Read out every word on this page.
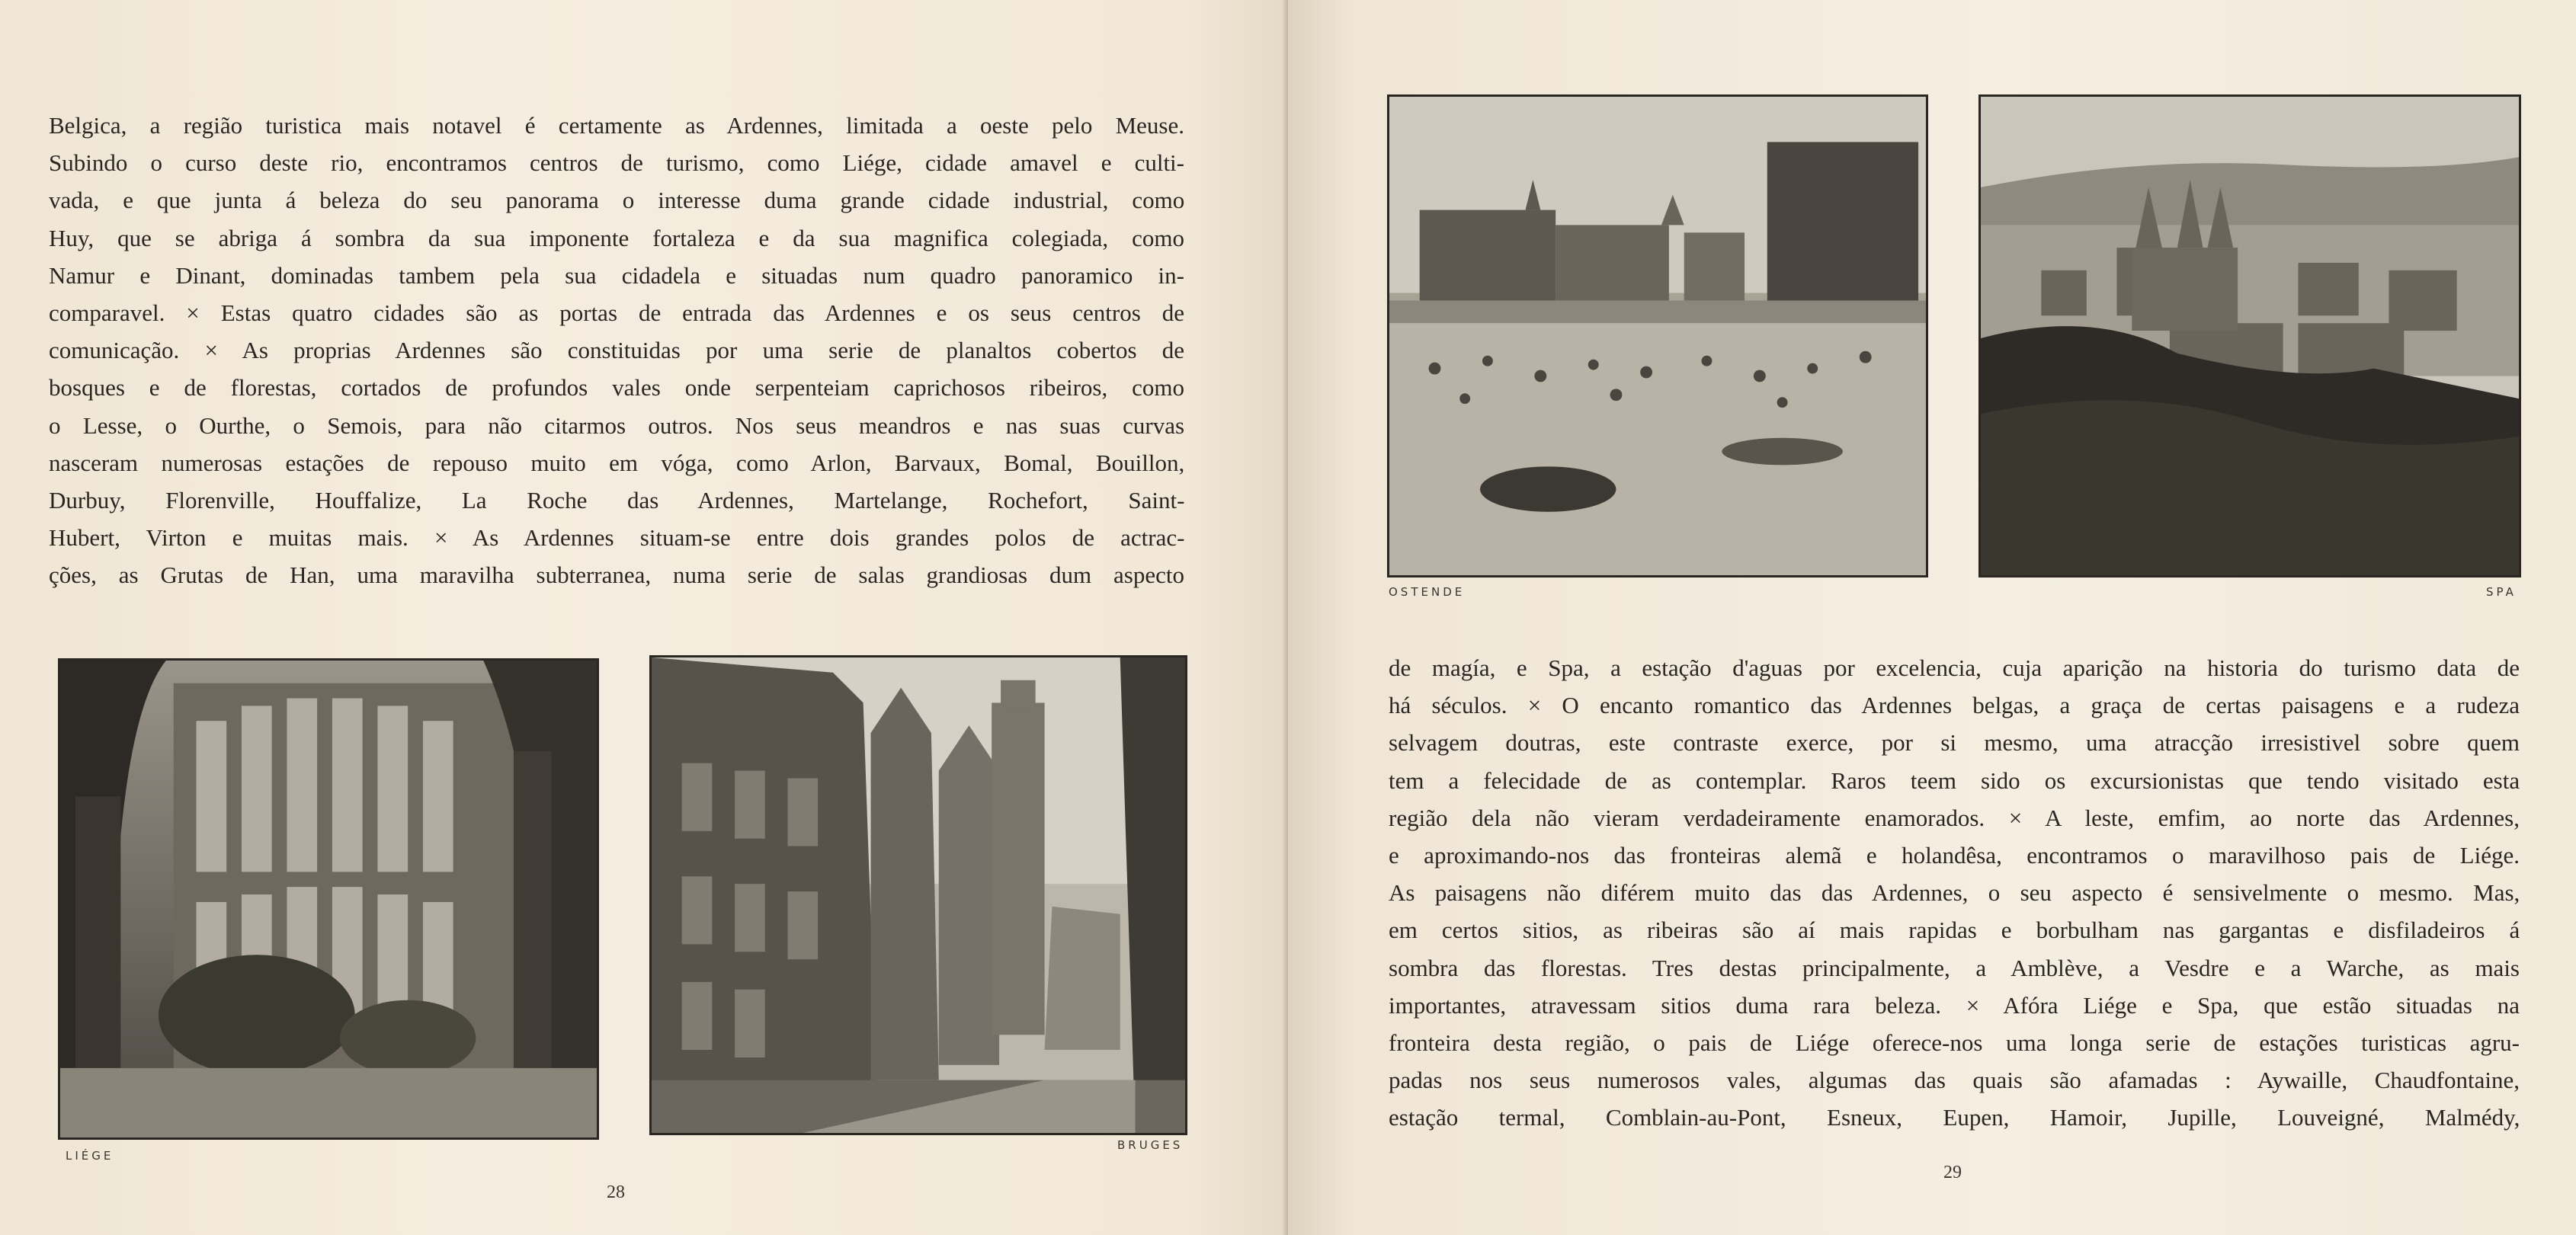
Belgica, a região turistica mais notavel é certamente as Ardennes, limitada a oeste pelo Meuse.
Subindo o curso deste rio, encontramos centros de turismo, como Liége, cidade amavel e culti-
vada, e que junta á beleza do seu panorama o interesse duma grande cidade industrial, como
Huy, que se abriga á sombra da sua imponente fortaleza e da sua magnifica colegiada, como
Namur e Dinant, dominadas tambem pela sua cidadela e situadas num quadro panoramico in-
comparavel. × Estas quatro cidades são as portas de entrada das Ardennes e os seus centros de
comunicação. × As proprias Ardennes são constituidas por uma serie de planaltos cobertos de
bosques e de florestas, cortados de profundos vales onde serpenteiam caprichosos ribeiros, como
o Lesse, o Ourthe, o Semois, para não citarmos outros. Nos seus meandros e nas suas curvas
nasceram numerosas estações de repouso muito em vóga, como Arlon, Barvaux, Bomal, Bouillon,
Durbuy, Florenville, Houffalize, La Roche das Ardennes, Martelange, Rochefort, Saint-
Hubert, Virton e muitas mais. × As Ardennes situam-se entre dois grandes polos de actrac-
ções, as Grutas de Han, uma maravilha subterranea, numa serie de salas grandiosas dum aspecto
LIÉGE
BRUGES
28
OSTENDE	SPA
de magía, e Spa, a estação d'aguas por excelencia, cuja aparição na historia do turismo data de
há séculos. × O encanto romantico das Ardennes belgas, a graça de certas paisagens e a rudeza
selvagem doutras, este contraste exerce, por si mesmo, uma atracção irresistivel sobre quem
tem a felecidade de as contemplar. Raros teem sido os excursionistas que tendo visitado esta
região dela não vieram verdadeiramente enamorados. × A leste, emfim, ao norte das Ardennes,
e aproximando-nos das fronteiras alemã e holandêsa, encontramos o maravilhoso pais de Liége.
As paisagens não diférem muito das das Ardennes, o seu aspecto é sensivelmente o mesmo. Mas,
em certos sitios, as ribeiras são aí mais rapidas e borbulham nas gargantas e disfiladeiros á
sombra das florestas. Tres destas principalmente, a Amblève, a Vesdre e a Warche, as mais
importantes, atravessam sitios duma rara beleza. × Afóra Liége e Spa, que estão situadas na
fronteira desta região, o pais de Liége oferece-nos uma longa serie de estações turisticas agru-
padas nos seus numerosos vales, algumas das quais são afamadas : Aywaille, Chaudfontaine,
estação termal, Comblain-au-Pont, Esneux, Eupen, Hamoir, Jupille, Louveigné, Malmédy,
29
